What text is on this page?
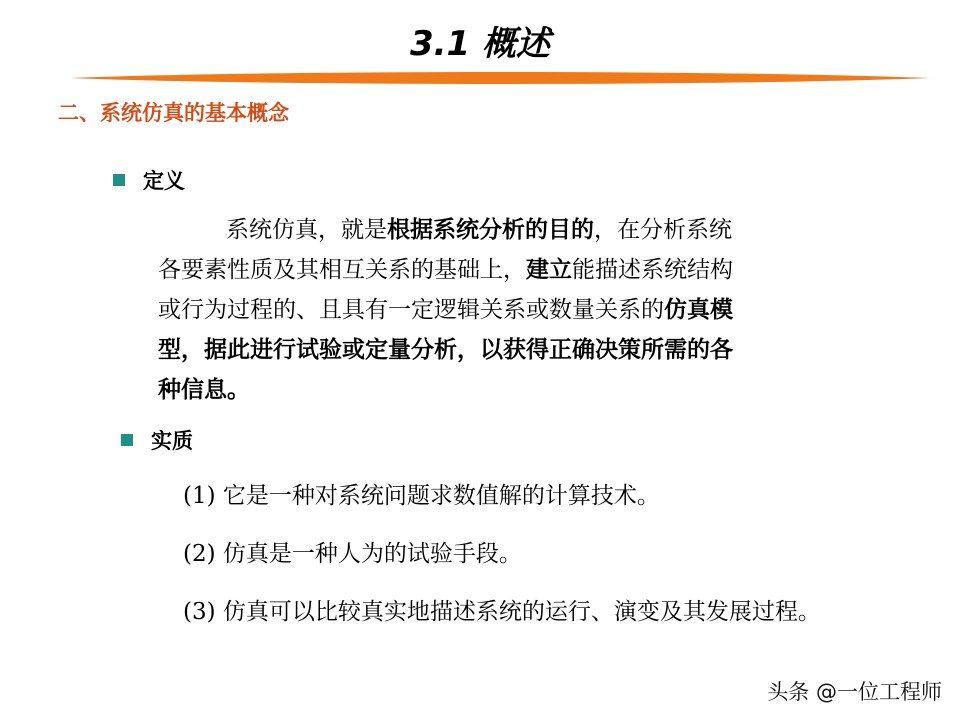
3.1 概述
二、系统仿真的基本概念
定义

系统仿真，就是根据系统分析的目的，在分析系统

各要素性质及其相互关系的基础上，建立能描述系统结构

或行为过程的、且具有一定逻辑关系或数量关系的仿真模

型，据此进行试验或定量分析，以获得正确决策所需的各

种信息。

实质
(1) 它是一种对系统问题求数值解的计算技术。
(2) 仿真是一种人为的试验手段。
(3) 仿真可以比较真实地描述系统的运行、演变及其发展过程。
头条 @一位工程师
